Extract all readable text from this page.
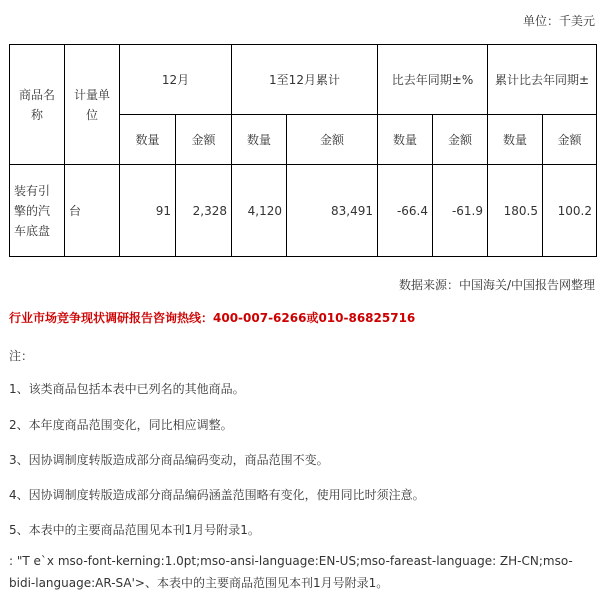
单位：千美元
商品名称	计量单位	12月		1至12月累计		比去年同期±%		累计比去年同期±	
		数量	金额	数量	金额	数量	金额	数量	金额
装有引擎的汽车底盘	台	91	2,328	4,120	83,491	-66.4	-61.9	180.5	100.2
数据来源：中国海关/中国报告网整理
行业市场竞争现状调研报告咨询热线：400-007-6266或010-86825716
注：
1、该类商品包括本表中已列名的其他商品。
2、本年度商品范围变化，同比相应调整。
3、因协调制度转版造成部分商品编码变动，商品范围不变。
4、因协调制度转版造成部分商品编码涵盖范围略有变化，使用同比时须注意。
5、本表中的主要商品范围见本刊1月号附录1。
: "T e`x mso-font-kerning:1.0pt;mso-ansi-language:EN-US;mso-fareast-language: ZH-CN;mso-bidi-language:AR-SA'>、本表中的主要商品范围见本刊1月号附录1。
